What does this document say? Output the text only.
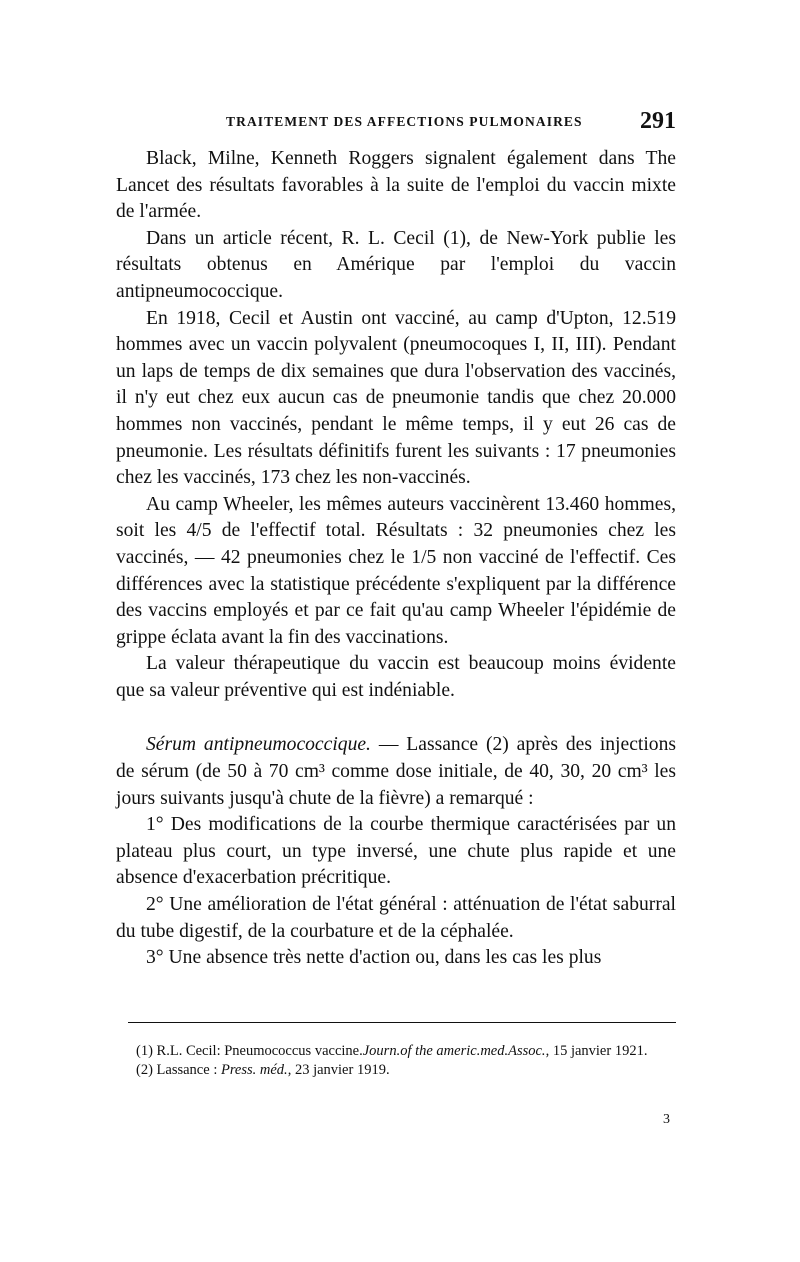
TRAITEMENT DES AFFECTIONS PULMONAIRES 291

Black, Milne, Kenneth Roggers signalent également dans The Lancet des résultats favorables à la suite de l'emploi du vaccin mixte de l'armée.

Dans un article récent, R. L. Cecil (1), de New-York publie les résultats obtenus en Amérique par l'emploi du vaccin antipneumococcique.

En 1918, Cecil et Austin ont vacciné, au camp d'Upton, 12.519 hommes avec un vaccin polyvalent (pneumocoques I, II, III). Pendant un laps de temps de dix semaines que dura l'observation des vaccinés, il n'y eut chez eux aucun cas de pneumonie tandis que chez 20.000 hommes non vaccinés, pendant le même temps, il y eut 26 cas de pneumonie. Les résultats définitifs furent les suivants : 17 pneumonies chez les vaccinés, 173 chez les non-vaccinés.

Au camp Wheeler, les mêmes auteurs vaccinèrent 13.460 hommes, soit les 4/5 de l'effectif total. Résultats : 32 pneumonies chez les vaccinés, — 42 pneumonies chez le 1/5 non vacciné de l'effectif. Ces différences avec la statistique précédente s'expliquent par la différence des vaccins employés et par ce fait qu'au camp Wheeler l'épidémie de grippe éclata avant la fin des vaccinations.

La valeur thérapeutique du vaccin est beaucoup moins évidente que sa valeur préventive qui est indéniable.

Sérum antipneumococcique. — Lassance (2) après des injections de sérum (de 50 à 70 cm³ comme dose initiale, de 40, 30, 20 cm³ les jours suivants jusqu'à chute de la fièvre) a remarqué :

1° Des modifications de la courbe thermique caractérisées par un plateau plus court, un type inversé, une chute plus rapide et une absence d'exacerbation précritique.

2° Une amélioration de l'état général : atténuation de l'état saburral du tube digestif, de la courbature et de la céphalée.

3° Une absence très nette d'action ou, dans les cas les plus

(1) R.L. Cecil: Pneumococcus vaccine.Journ.of the americ.med.Assoc., 15 janvier 1921.

(2) Lassance : Press. méd., 23 janvier 1919.

3
